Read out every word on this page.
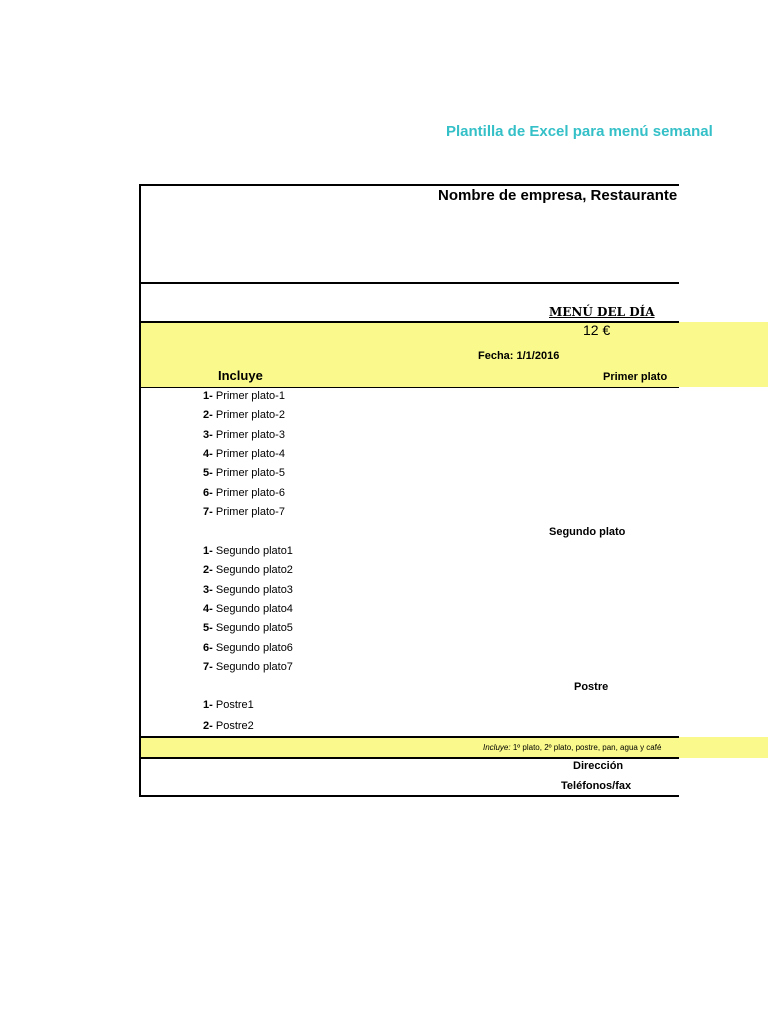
Plantilla de Excel para menú semanal
Nombre de empresa, Restaurante
MENÚ DEL DÍA
12 €
Fecha: 1/1/2016
Incluye	Primer plato
1- Primer plato-1
2- Primer plato-2
3- Primer plato-3
4- Primer plato-4
5- Primer plato-5
6- Primer plato-6
7- Primer plato-7
Segundo plato
1- Segundo plato1
2- Segundo plato2
3- Segundo plato3
4- Segundo plato4
5- Segundo plato5
6- Segundo plato6
7- Segundo plato7
Postre
1- Postre1
2- Postre2
Incluye: 1º plato, 2º plato, postre, pan, agua y café
Dirección
Teléfonos/fax
